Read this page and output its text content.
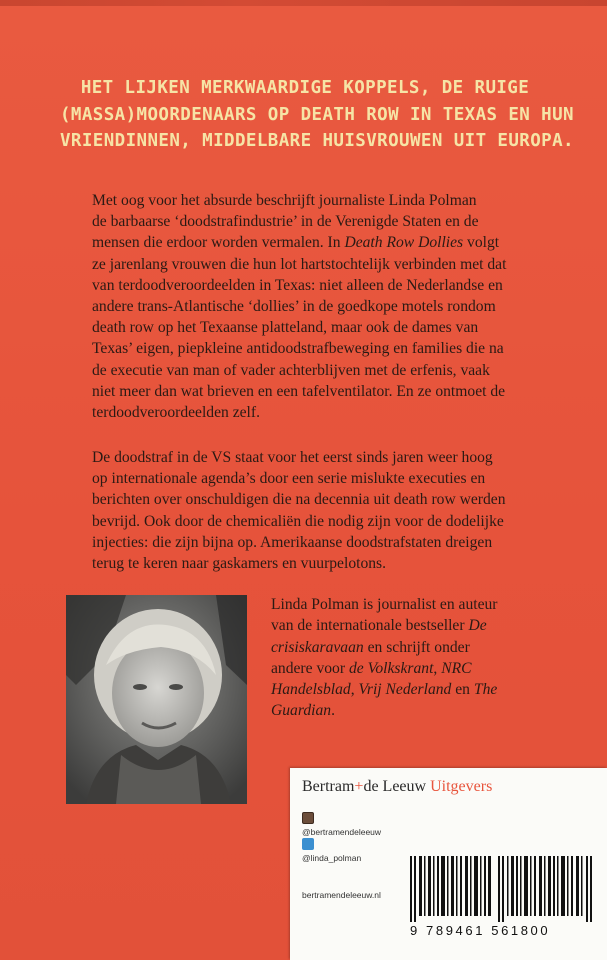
HET LIJKEN MERKWAARDIGE KOPPELS, DE RUIGE
(MASSA)MOORDENAARS OP DEATH ROW IN TEXAS EN HUN
VRIENDINNEN, MIDDELBARE HUISVROUWEN UIT EUROPA.
Met oog voor het absurde beschrijft journaliste Linda Polman
de barbaarse ‘doodstrafindustrie’ in de Verenigde Staten en de
mensen die erdoor worden vermalen. In Death Row Dollies volgt
ze jarenlang vrouwen die hun lot hartstochtelijk verbinden met dat
van terdoodveroordeelden in Texas: niet alleen de Nederlandse en
andere trans-Atlantische ‘dollies’ in de goedkope motels rondom
death row op het Texaanse platteland, maar ook de dames van
Texas’ eigen, piepkleine antidoodstrafbeweging en families die na
de executie van man of vader achterblijven met de erfenis, vaak
niet meer dan wat brieven en een tafelventilator. En ze ontmoet de
terdoodveroordeelden zelf.
De doodstraf in de VS staat voor het eerst sinds jaren weer hoog
op internationale agenda’s door een serie mislukte executies en
berichten over onschuldigen die na decennia uit death row werden
bevrijd. Ook door de chemicaliën die nodig zijn voor de dodelijke
injecties: die zijn bijna op. Amerikaanse doodstrafstaten dreigen
terug te keren naar gaskamers en vuurpelotons.
Linda Polman is journalist en auteur
van de internationale bestseller De
crisiskaravaan en schrijft onder
andere voor de Volkskrant, NRC
Handelsblad, Vrij Nederland en The
Guardian.
Bertram+de Leeuw Uitgevers
@bertramendeleeuw
@linda_polman
bertramendeleeuw.nl
9 789461 561800
